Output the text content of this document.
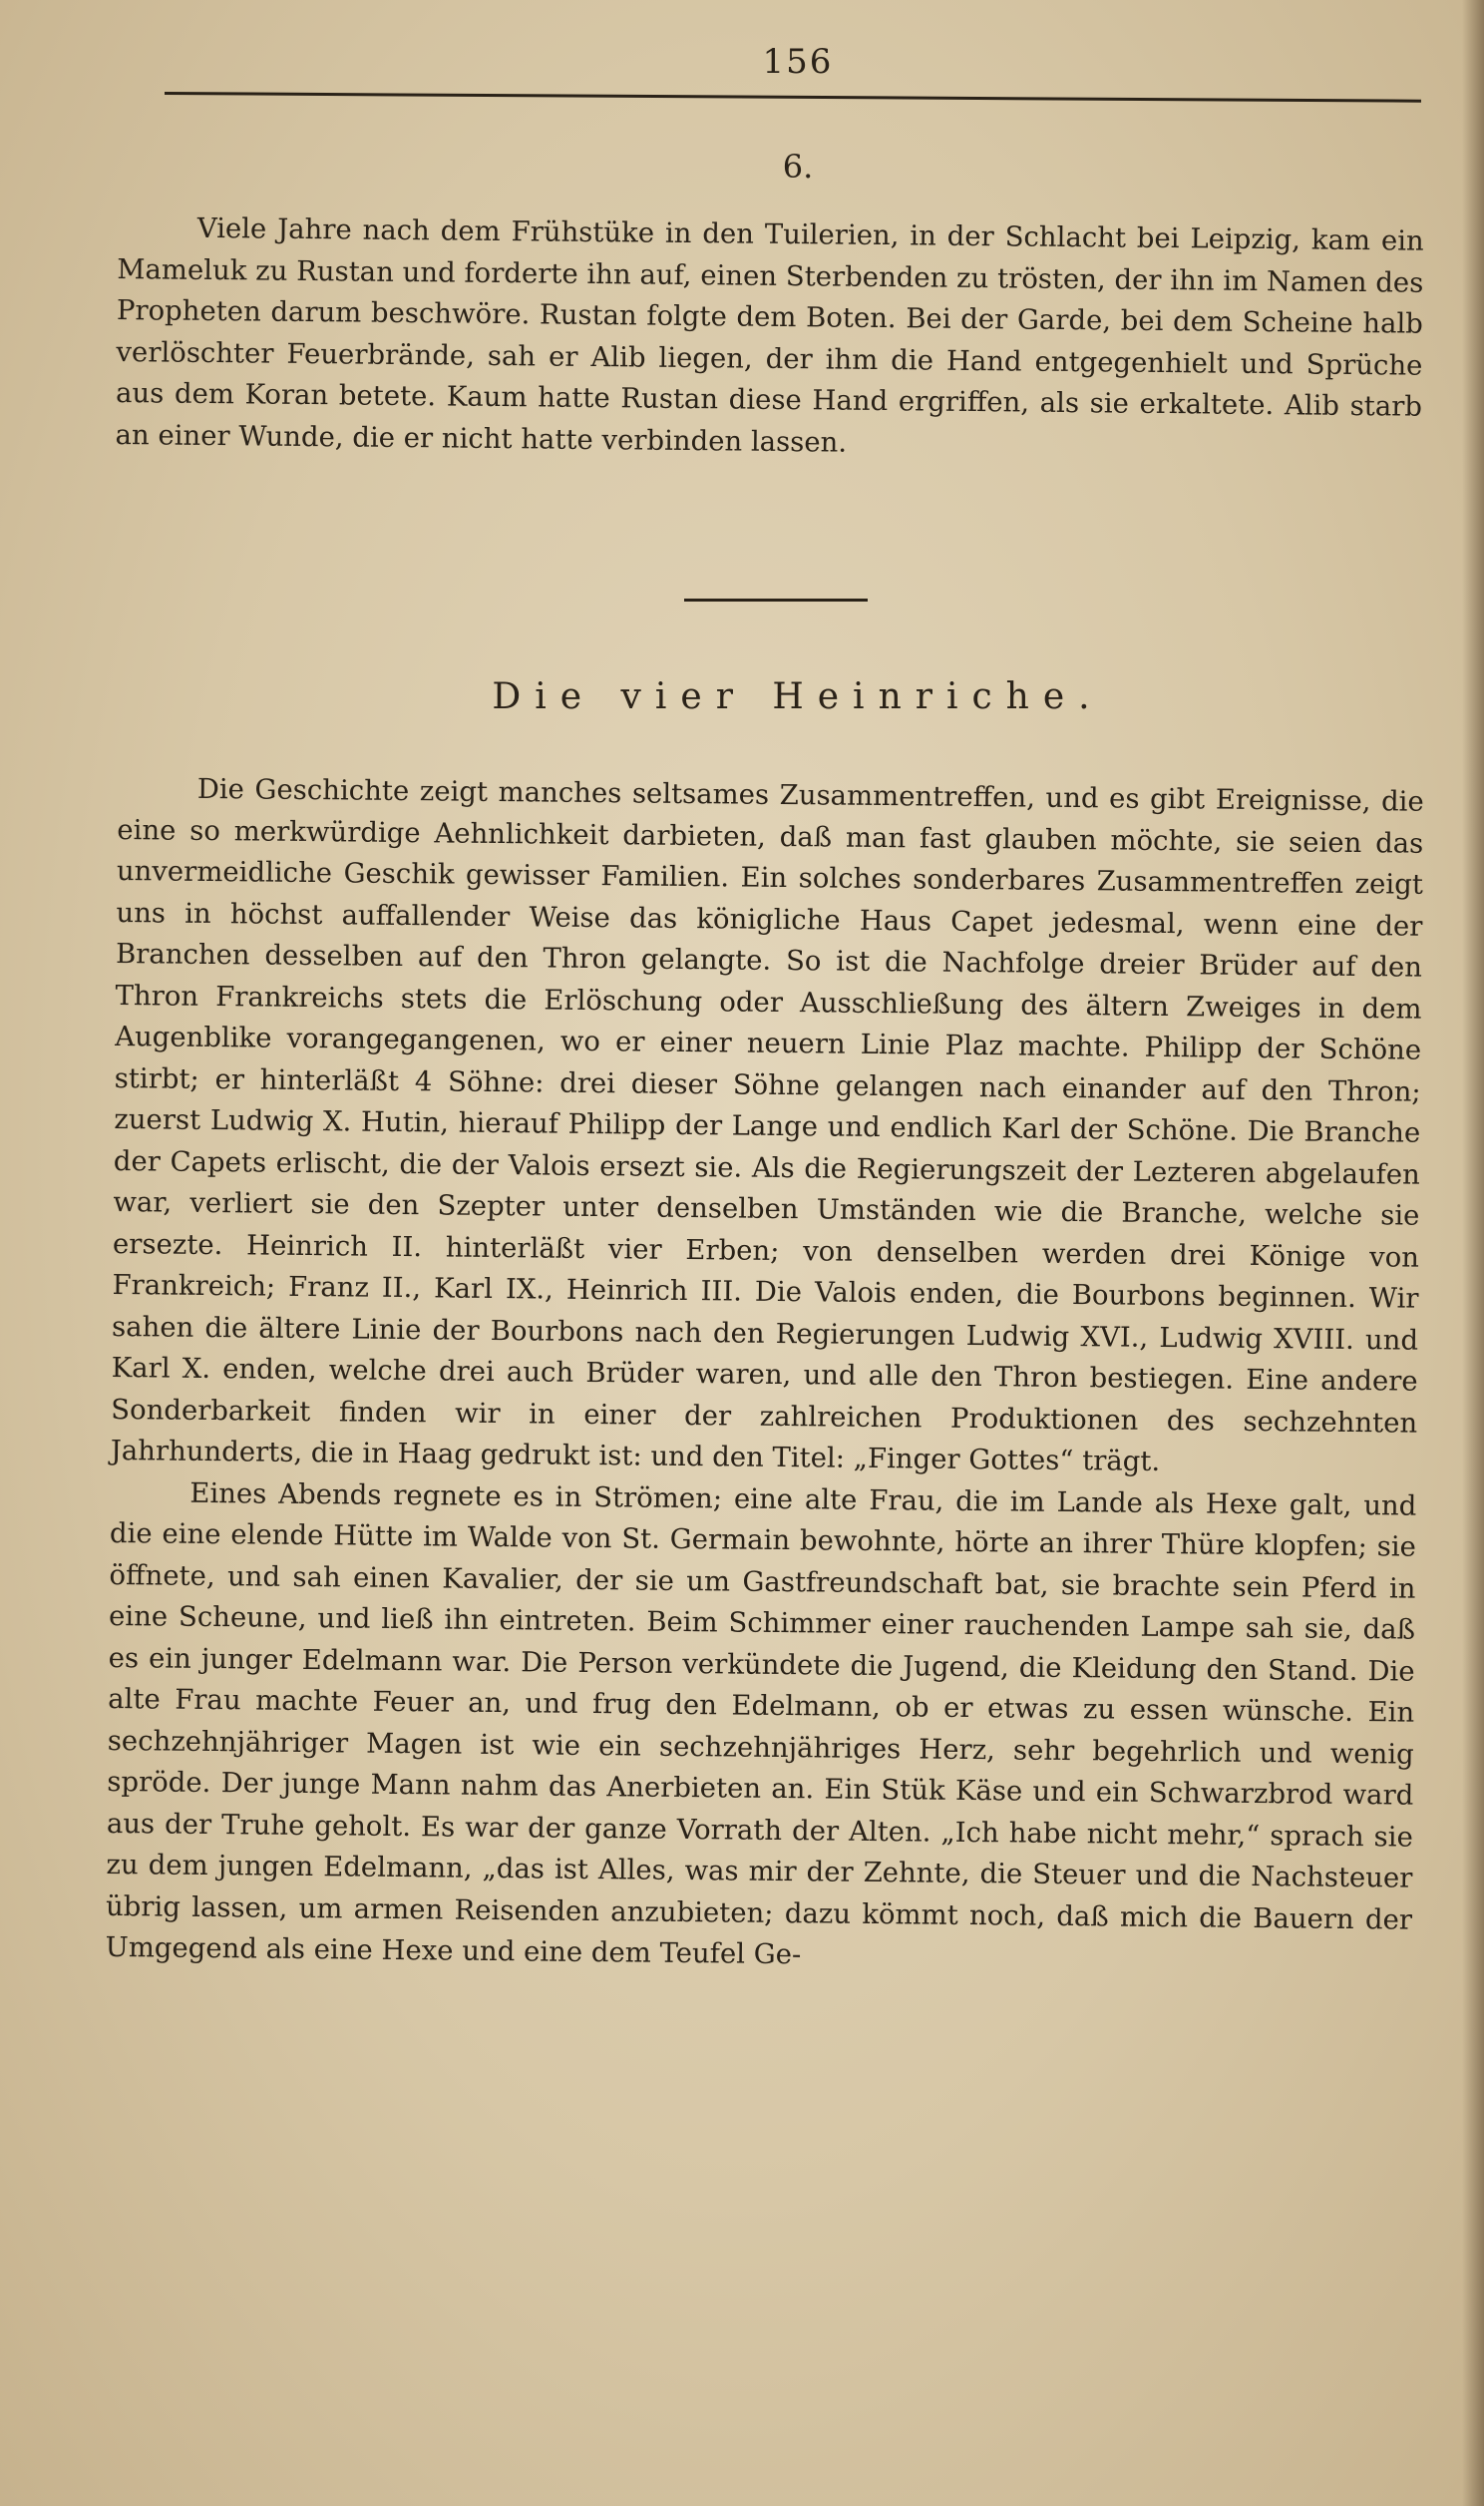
156
6.

Viele Jahre nach dem Frühstüke in den Tuilerien, in der Schlacht bei Leipzig, kam ein Mameluk zu Rustan und forderte ihn auf, einen Sterbenden zu trösten, der ihn im Namen des Propheten darum beschwöre. Rustan folgte dem Boten. Bei der Garde, bei dem Scheine halb verlöschter Feuerbrände, sah er Alib liegen, der ihm die Hand entgegenhielt und Sprüche aus dem Koran betete. Kaum hatte Rustan diese Hand ergriffen, als sie erkaltete. Alib starb an einer Wunde, die er nicht hatte verbinden lassen.

Die vier Heinriche.

Die Geschichte zeigt manches seltsames Zusammentreffen, und es gibt Ereignisse, die eine so merkwürdige Aehnlichkeit darbieten, daß man fast glauben möchte, sie seien das unvermeidliche Geschik gewisser Familien. Ein solches sonderbares Zusammentreffen zeigt uns in höchst auffallender Weise das königliche Haus Capet jedesmal, wenn eine der Branchen desselben auf den Thron gelangte. So ist die Nachfolge dreier Brüder auf den Thron Frankreichs stets die Erlöschung oder Ausschließung des ältern Zweiges in dem Augenblike vorangegangenen, wo er einer neuern Linie Plaz machte. Philipp der Schöne stirbt; er hinterläßt 4 Söhne: drei dieser Söhne gelangen nach einander auf den Thron; zuerst Ludwig X. Hutin, hierauf Philipp der Lange und endlich Karl der Schöne. Die Branche der Capets erlischt, die der Valois ersezt sie. Als die Regierungszeit der Lezteren abgelaufen war, verliert sie den Szepter unter denselben Umständen wie die Branche, welche sie ersezte. Heinrich II. hinterläßt vier Erben; von denselben werden drei Könige von Frankreich; Franz II., Karl IX., Heinrich III. Die Valois enden, die Bourbons beginnen. Wir sahen die ältere Linie der Bourbons nach den Regierungen Ludwig XVI., Ludwig XVIII. und Karl X. enden, welche drei auch Brüder waren, und alle den Thron bestiegen. Eine andere Sonderbarkeit finden wir in einer der zahlreichen Produktionen des sechzehnten Jahrhunderts, die in Haag gedrukt ist: und den Titel: „Finger Gottes“ trägt.

Eines Abends regnete es in Strömen; eine alte Frau, die im Lande als Hexe galt, und die eine elende Hütte im Walde von St. Germain bewohnte, hörte an ihrer Thüre klopfen; sie öffnete, und sah einen Kavalier, der sie um Gastfreundschaft bat, sie brachte sein Pferd in eine Scheune, und ließ ihn eintreten. Beim Schimmer einer rauchenden Lampe sah sie, daß es ein junger Edelmann war. Die Person verkündete die Jugend, die Kleidung den Stand. Die alte Frau machte Feuer an, und frug den Edelmann, ob er etwas zu essen wünsche. Ein sechzehnjähriger Magen ist wie ein sechzehnjähriges Herz, sehr begehrlich und wenig spröde. Der junge Mann nahm das Anerbieten an. Ein Stük Käse und ein Schwarzbrod ward aus der Truhe geholt. Es war der ganze Vorrath der Alten. „Ich habe nicht mehr,“ sprach sie zu dem jungen Edelmann, „das ist Alles, was mir der Zehnte, die Steuer und die Nachsteuer übrig lassen, um armen Reisenden anzubieten; dazu kömmt noch, daß mich die Bauern der Umgegend als eine Hexe und eine dem Teufel Ge-
